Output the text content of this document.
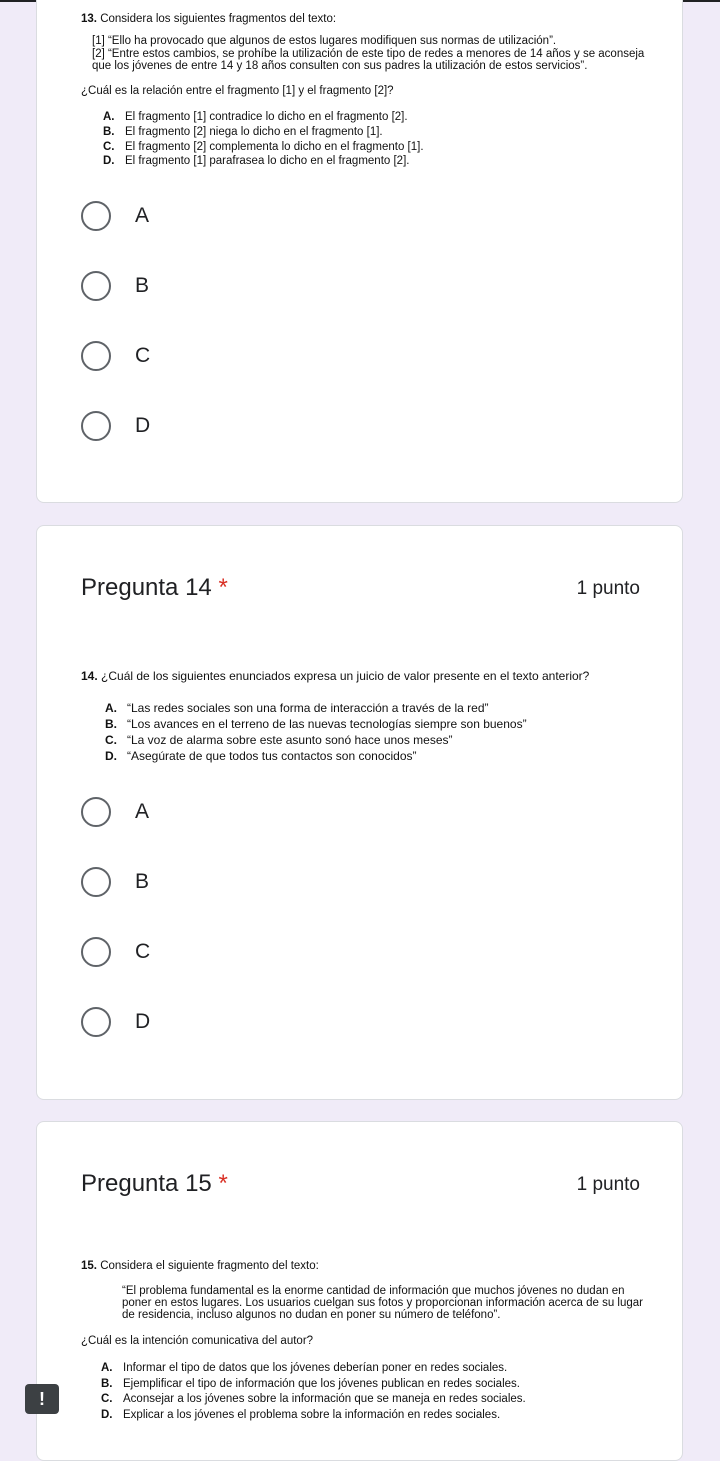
13. Considera los siguientes fragmentos del texto:
[1] “Ello ha provocado que algunos de estos lugares modifiquen sus normas de utilización”.
[2] “Entre estos cambios, se prohíbe la utilización de este tipo de redes a menores de 14 años y se aconseja
que los jóvenes de entre 14 y 18 años consulten con sus padres la utilización de estos servicios”.
¿Cuál es la relación entre el fragmento [1] y el fragmento [2]?
A. El fragmento [1] contradice lo dicho en el fragmento [2].
B. El fragmento [2] niega lo dicho en el fragmento [1].
C. El fragmento [2] complementa lo dicho en el fragmento [1].
D. El fragmento [1] parafrasea lo dicho en el fragmento [2].
A
B
C
D
Pregunta 14 *	1 punto
14. ¿Cuál de los siguientes enunciados expresa un juicio de valor presente en el texto anterior?
A. “Las redes sociales son una forma de interacción a través de la red”
B. “Los avances en el terreno de las nuevas tecnologías siempre son buenos”
C. “La voz de alarma sobre este asunto sonó hace unos meses”
D. “Asegúrate de que todos tus contactos son conocidos”
A
B
C
D
Pregunta 15 *	1 punto
15. Considera el siguiente fragmento del texto:
“El problema fundamental es la enorme cantidad de información que muchos jóvenes no dudan en
poner en estos lugares. Los usuarios cuelgan sus fotos y proporcionan información acerca de su lugar
de residencia, incluso algunos no dudan en poner su número de teléfono”.
¿Cuál es la intención comunicativa del autor?
A. Informar el tipo de datos que los jóvenes deberían poner en redes sociales.
B. Ejemplificar el tipo de información que los jóvenes publican en redes sociales.
C. Aconsejar a los jóvenes sobre la información que se maneja en redes sociales.
D. Explicar a los jóvenes el problema sobre la información en redes sociales.
!
